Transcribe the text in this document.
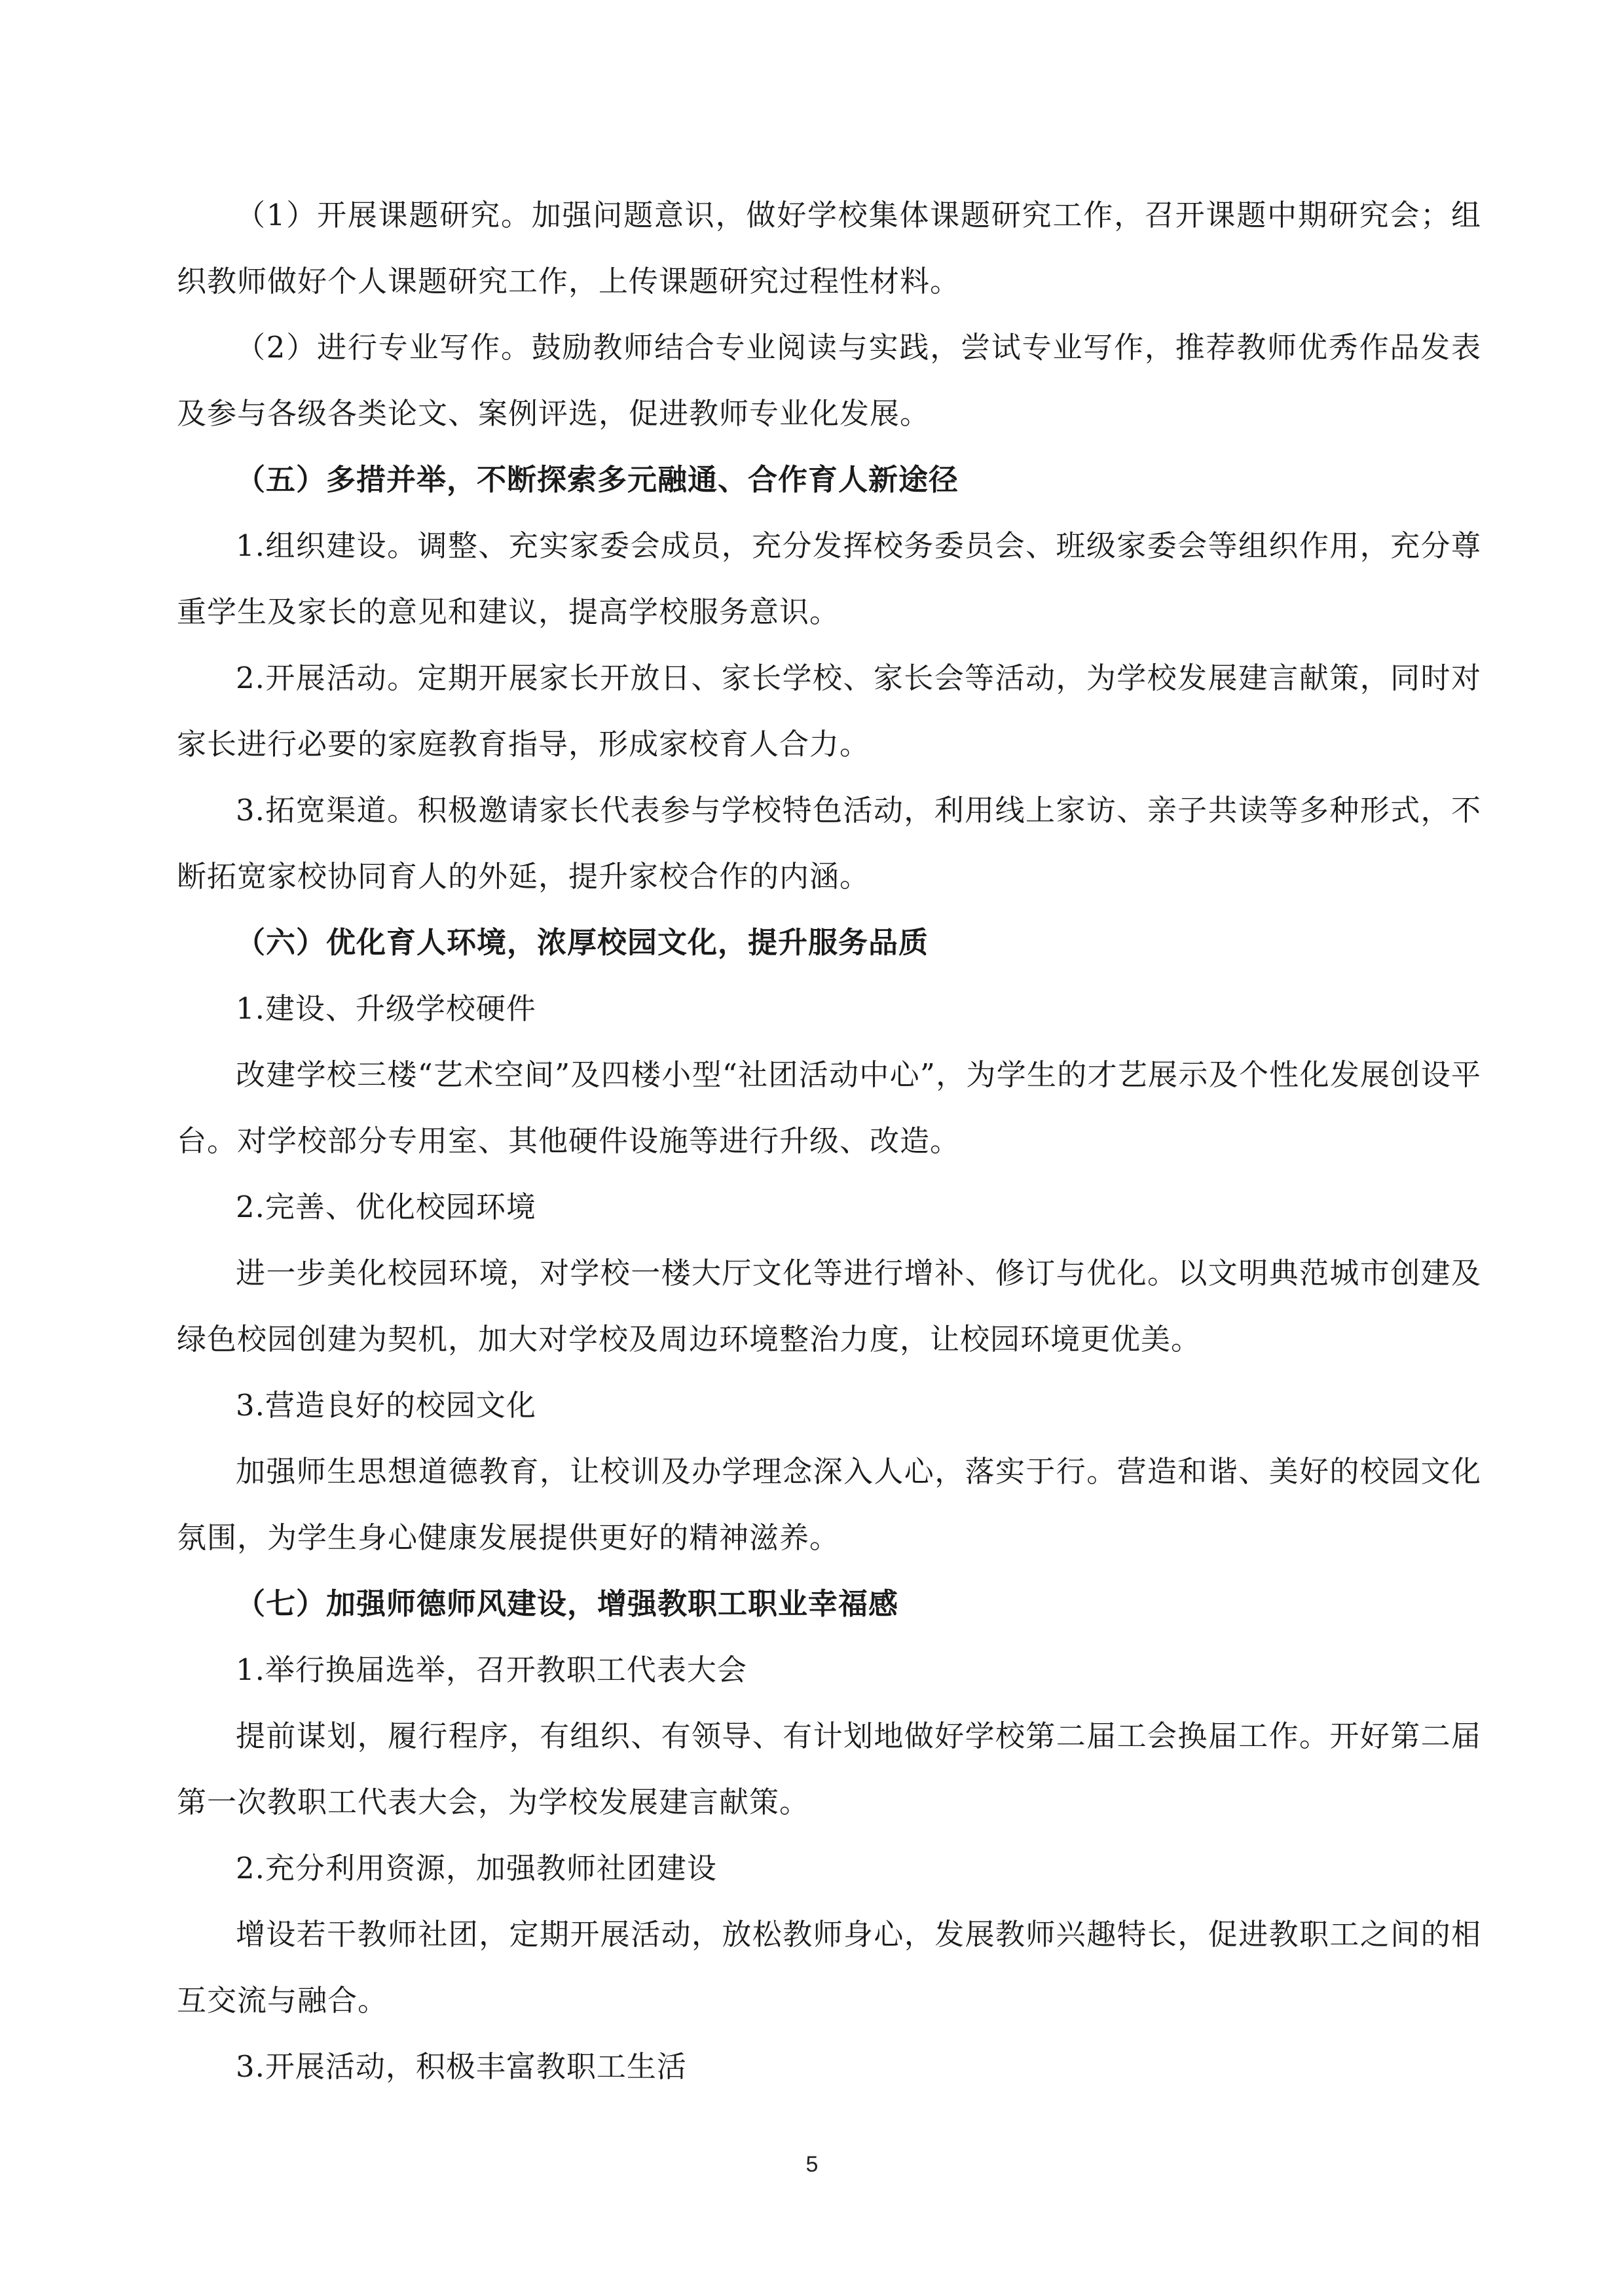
（1）开展课题研究。加强问题意识，做好学校集体课题研究工作，召开课题中期研究会；组织教师做好个人课题研究工作，上传课题研究过程性材料。

（2）进行专业写作。鼓励教师结合专业阅读与实践，尝试专业写作，推荐教师优秀作品发表及参与各级各类论文、案例评选，促进教师专业化发展。

（五）多措并举，不断探索多元融通、合作育人新途径

1.组织建设。调整、充实家委会成员，充分发挥校务委员会、班级家委会等组织作用，充分尊重学生及家长的意见和建议，提高学校服务意识。

2.开展活动。定期开展家长开放日、家长学校、家长会等活动，为学校发展建言献策，同时对家长进行必要的家庭教育指导，形成家校育人合力。

3.拓宽渠道。积极邀请家长代表参与学校特色活动，利用线上家访、亲子共读等多种形式，不断拓宽家校协同育人的外延，提升家校合作的内涵。

（六）优化育人环境，浓厚校园文化，提升服务品质

1.建设、升级学校硬件

改建学校三楼“艺术空间”及四楼小型“社团活动中心”，为学生的才艺展示及个性化发展创设平台。对学校部分专用室、其他硬件设施等进行升级、改造。

2.完善、优化校园环境

进一步美化校园环境，对学校一楼大厅文化等进行增补、修订与优化。以文明典范城市创建及绿色校园创建为契机，加大对学校及周边环境整治力度，让校园环境更优美。

3.营造良好的校园文化

加强师生思想道德教育，让校训及办学理念深入人心，落实于行。营造和谐、美好的校园文化氛围，为学生身心健康发展提供更好的精神滋养。

（七）加强师德师风建设，增强教职工职业幸福感

1.举行换届选举，召开教职工代表大会

提前谋划，履行程序，有组织、有领导、有计划地做好学校第二届工会换届工作。开好第二届第一次教职工代表大会，为学校发展建言献策。

2.充分利用资源，加强教师社团建设

增设若干教师社团，定期开展活动，放松教师身心，发展教师兴趣特长，促进教职工之间的相互交流与融合。

3.开展活动，积极丰富教职工生活

5
